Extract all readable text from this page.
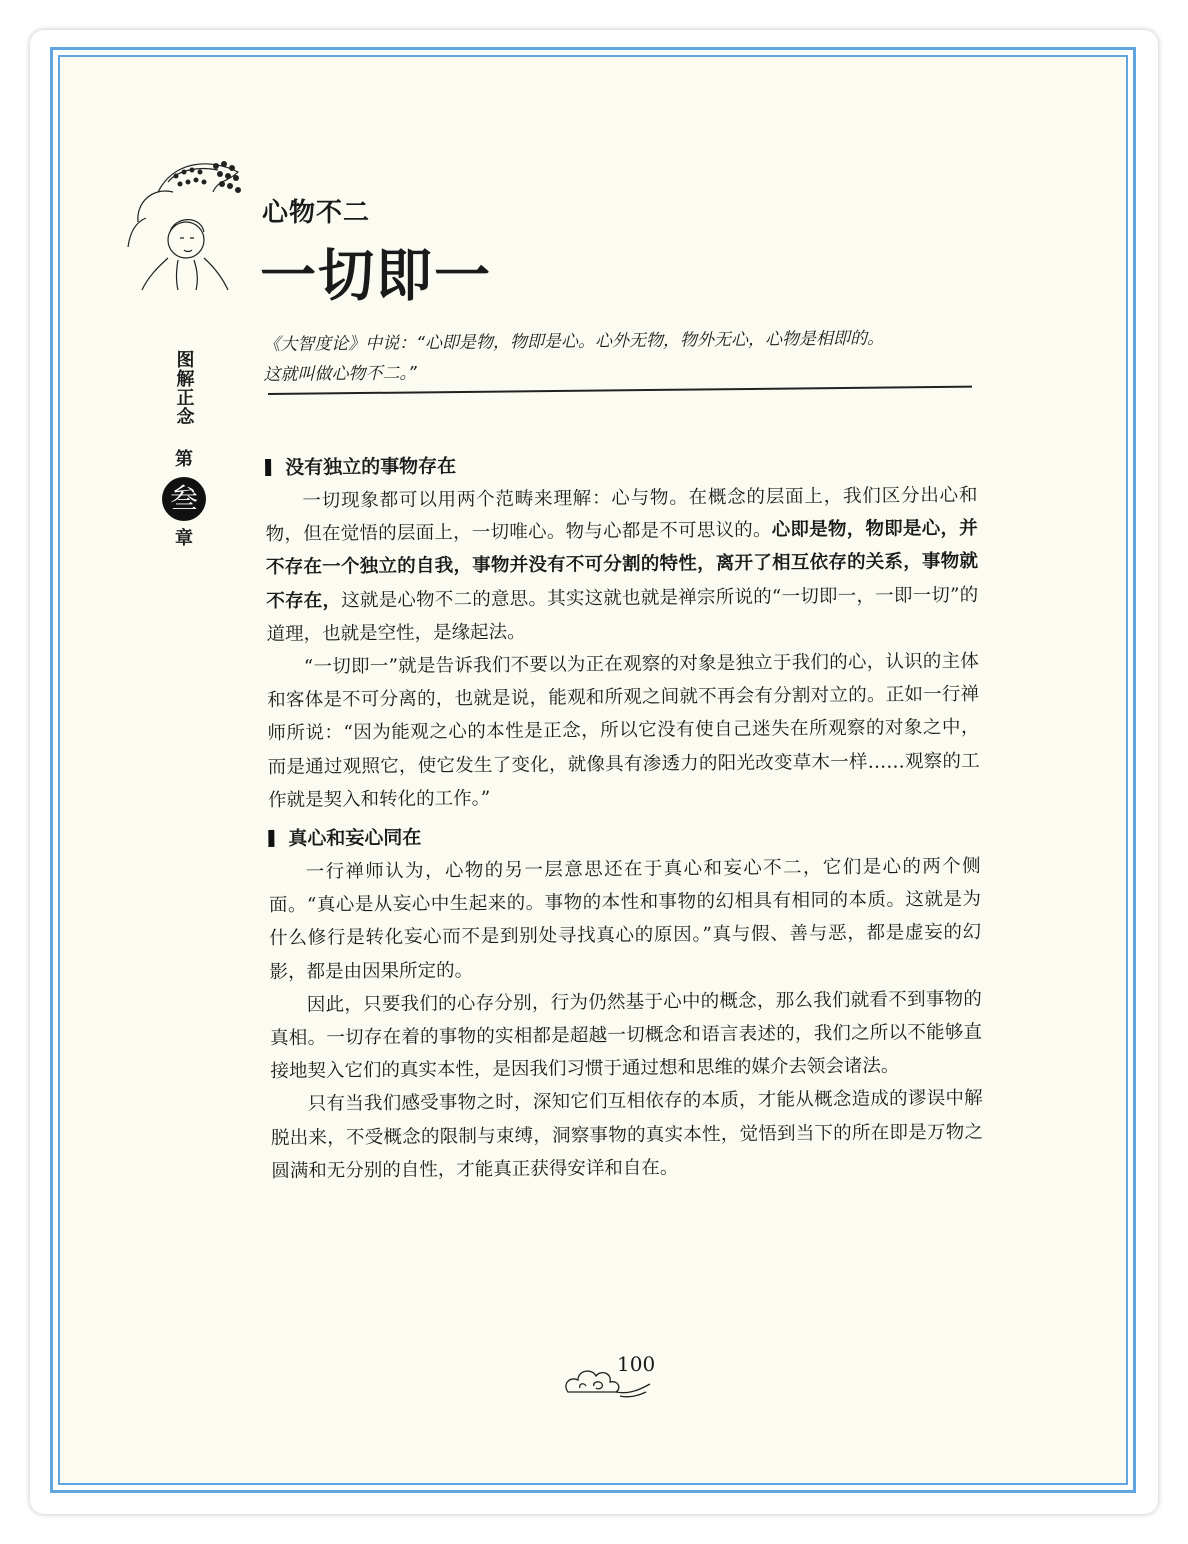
心物不二
一切即一
图解正念
第
叁
章
《大智度论》中说：“心即是物，物即是心。心外无物，物外无心，心物是相即的。
这就叫做心物不二。”

没有独立的事物存在

一切现象都可以用两个范畴来理解：心与物。在概念的层面上，我们区分出心和物，但在觉悟的层面上，一切唯心。物与心都是不可思议的。心即是物，物即是心，并不存在一个独立的自我，事物并没有不可分割的特性，离开了相互依存的关系，事物就不存在，这就是心物不二的意思。其实这就也就是禅宗所说的“一切即一，一即一切”的道理，也就是空性，是缘起法。

“一切即一”就是告诉我们不要以为正在观察的对象是独立于我们的心，认识的主体和客体是不可分离的，也就是说，能观和所观之间就不再会有分割对立的。正如一行禅师所说：“因为能观之心的本性是正念，所以它没有使自己迷失在所观察的对象之中，而是通过观照它，使它发生了变化，就像具有渗透力的阳光改变草木一样……观察的工作就是契入和转化的工作。”

真心和妄心同在

一行禅师认为，心物的另一层意思还在于真心和妄心不二，它们是心的两个侧面。“真心是从妄心中生起来的。事物的本性和事物的幻相具有相同的本质。这就是为什么修行是转化妄心而不是到别处寻找真心的原因。”真与假、善与恶，都是虚妄的幻影，都是由因果所定的。

因此，只要我们的心存分别，行为仍然基于心中的概念，那么我们就看不到事物的真相。一切存在着的事物的实相都是超越一切概念和语言表述的，我们之所以不能够直接地契入它们的真实本性，是因我们习惯于通过想和思维的媒介去领会诸法。

只有当我们感受事物之时，深知它们互相依存的本质，才能从概念造成的谬误中解脱出来，不受概念的限制与束缚，洞察事物的真实本性，觉悟到当下的所在即是万物之圆满和无分别的自性，才能真正获得安详和自在。

100
